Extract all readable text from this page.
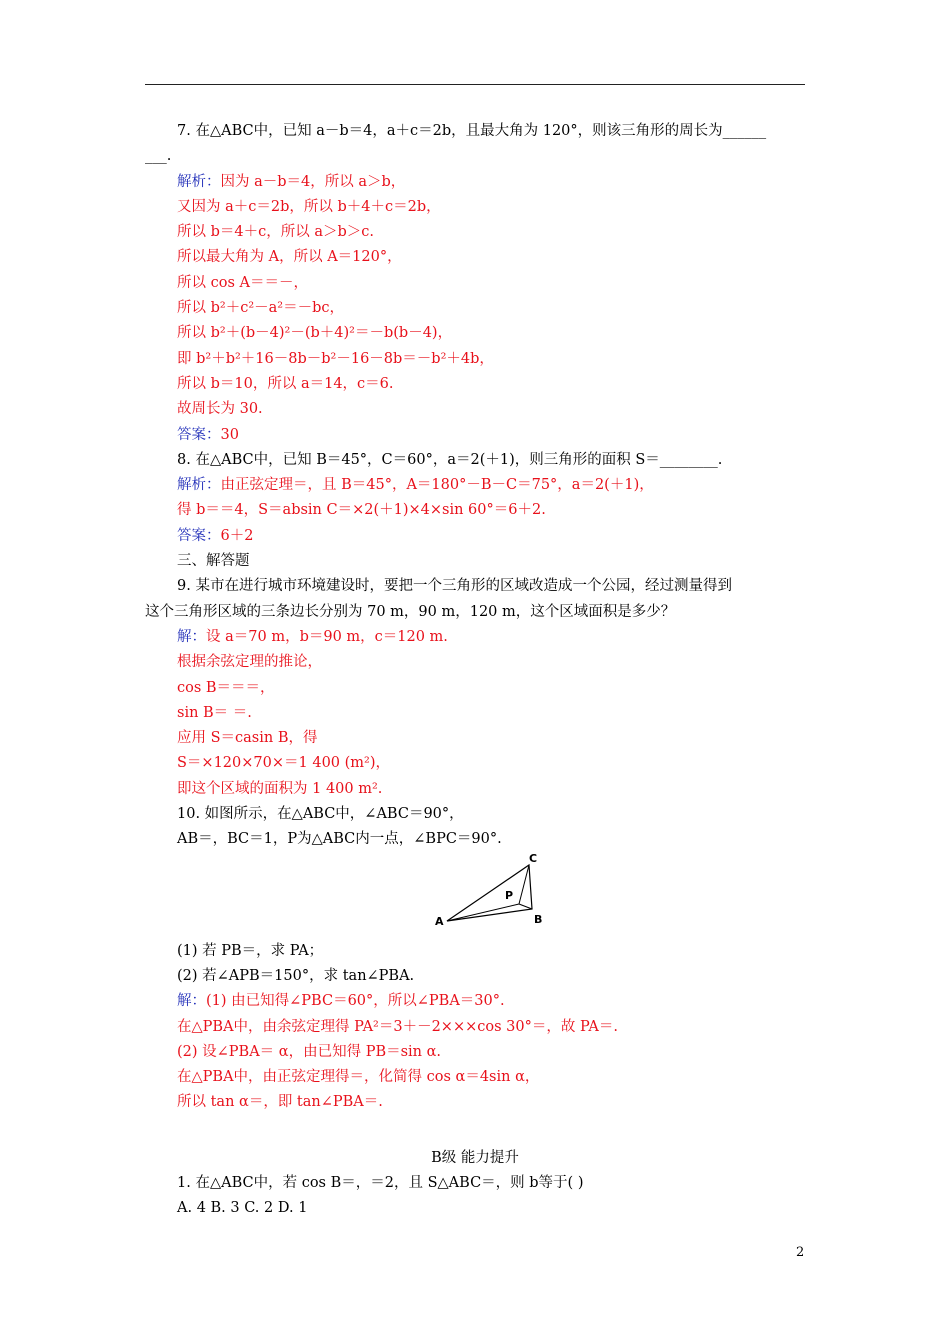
7. 在△ABC中，已知 a－b＝4，a＋c＝2b，且最大角为 120°，则该三角形的周长为______
___.
解析：因为 a－b＝4，所以 a＞b，
又因为 a＋c＝2b，所以 b＋4＋c＝2b，
所以 b＝4＋c，所以 a＞b＞c.
所以最大角为 A，所以 A＝120°，
所以 cos A＝＝－，
所以 b²＋c²－a²＝－bc，
所以 b²＋(b－4)²－(b＋4)²＝－b(b－4)，
即 b²＋b²＋16－8b－b²－16－8b＝－b²＋4b，
所以 b＝10，所以 a＝14，c＝6.
故周长为 30.
答案：30
8. 在△ABC中，已知 B＝45°，C＝60°，a＝2(＋1)，则三角形的面积 S＝________.
解析：由正弦定理＝，且 B＝45°，A＝180°－B－C＝75°，a＝2(＋1)，
得 b＝＝4，S＝absin C＝×2(＋1)×4×sin 60°＝6＋2.
答案：6＋2
三、解答题
9. 某市在进行城市环境建设时，要把一个三角形的区域改造成一个公园，经过测量得到
这个三角形区域的三条边长分别为 70 m，90 m，120 m，这个区域面积是多少？
解：设 a＝70 m，b＝90 m，c＝120 m.
根据余弦定理的推论，
cos B＝＝＝，
sin B＝ ＝.
应用 S＝casin B，得
S＝×120×70×＝1 400 (m²)，
即这个区域的面积为 1 400 m².
10. 如图所示，在△ABC中，∠ABC＝90°，
AB＝，BC＝1，P为△ABC内一点，∠BPC＝90°.
A	B
C
P
(1) 若 PB＝，求 PA；
(2) 若∠APB＝150°，求 tan∠PBA.
解：(1) 由已知得∠PBC＝60°，所以∠PBA＝30°.
在△PBA中，由余弦定理得 PA²＝3＋－2×××cos 30°＝，故 PA＝.
(2) 设∠PBA＝ α，由已知得 PB＝sin α.
在△PBA中，由正弦定理得＝，化简得 cos α＝4sin α，
所以 tan α＝，即 tan∠PBA＝.
B级 能力提升
1. 在△ABC中，若 cos B＝，＝2，且 S△ABC＝，则 b等于( )
A. 4 B. 3 C. 2 D. 1
2
